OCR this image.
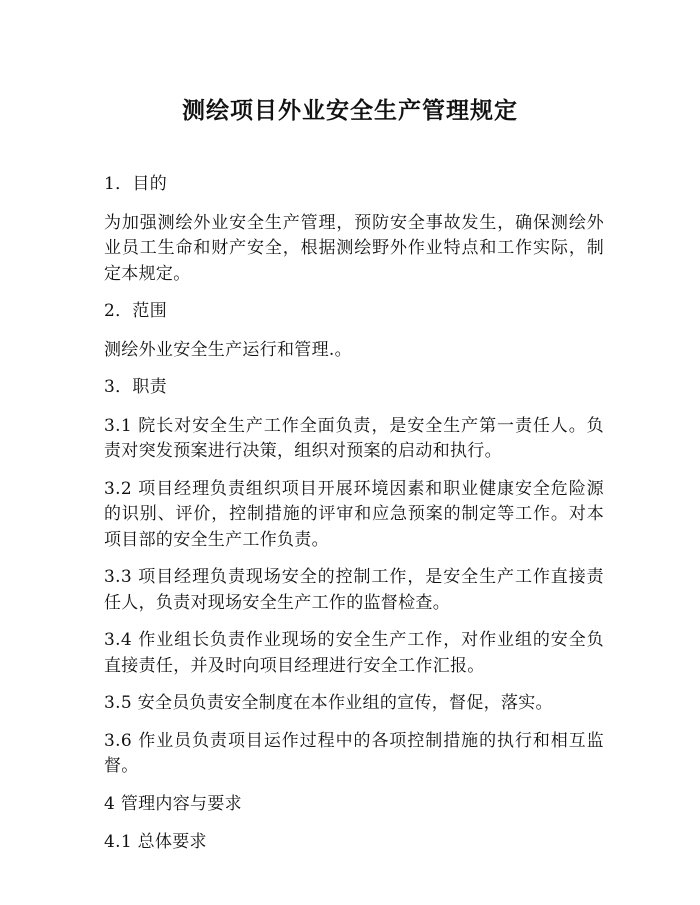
测绘项目外业安全生产管理规定

1．目的

为加强测绘外业安全生产管理，预防安全事故发生，确保测绘外业员工生命和财产安全，根据测绘野外作业特点和工作实际，制定本规定。

2．范围

测绘外业安全生产运行和管理.。

3．职责

3.1 院长对安全生产工作全面负责，是安全生产第一责任人。负责对突发预案进行决策，组织对预案的启动和执行。

3.2 项目经理负责组织项目开展环境因素和职业健康安全危险源的识别、评价，控制措施的评审和应急预案的制定等工作。对本项目部的安全生产工作负责。

3.3 项目经理负责现场安全的控制工作，是安全生产工作直接责任人，负责对现场安全生产工作的监督检查。

3.4 作业组长负责作业现场的安全生产工作，对作业组的安全负直接责任，并及时向项目经理进行安全工作汇报。

3.5 安全员负责安全制度在本作业组的宣传，督促，落实。

3.6 作业员负责项目运作过程中的各项控制措施的执行和相互监督。

4 管理内容与要求

4.1 总体要求
